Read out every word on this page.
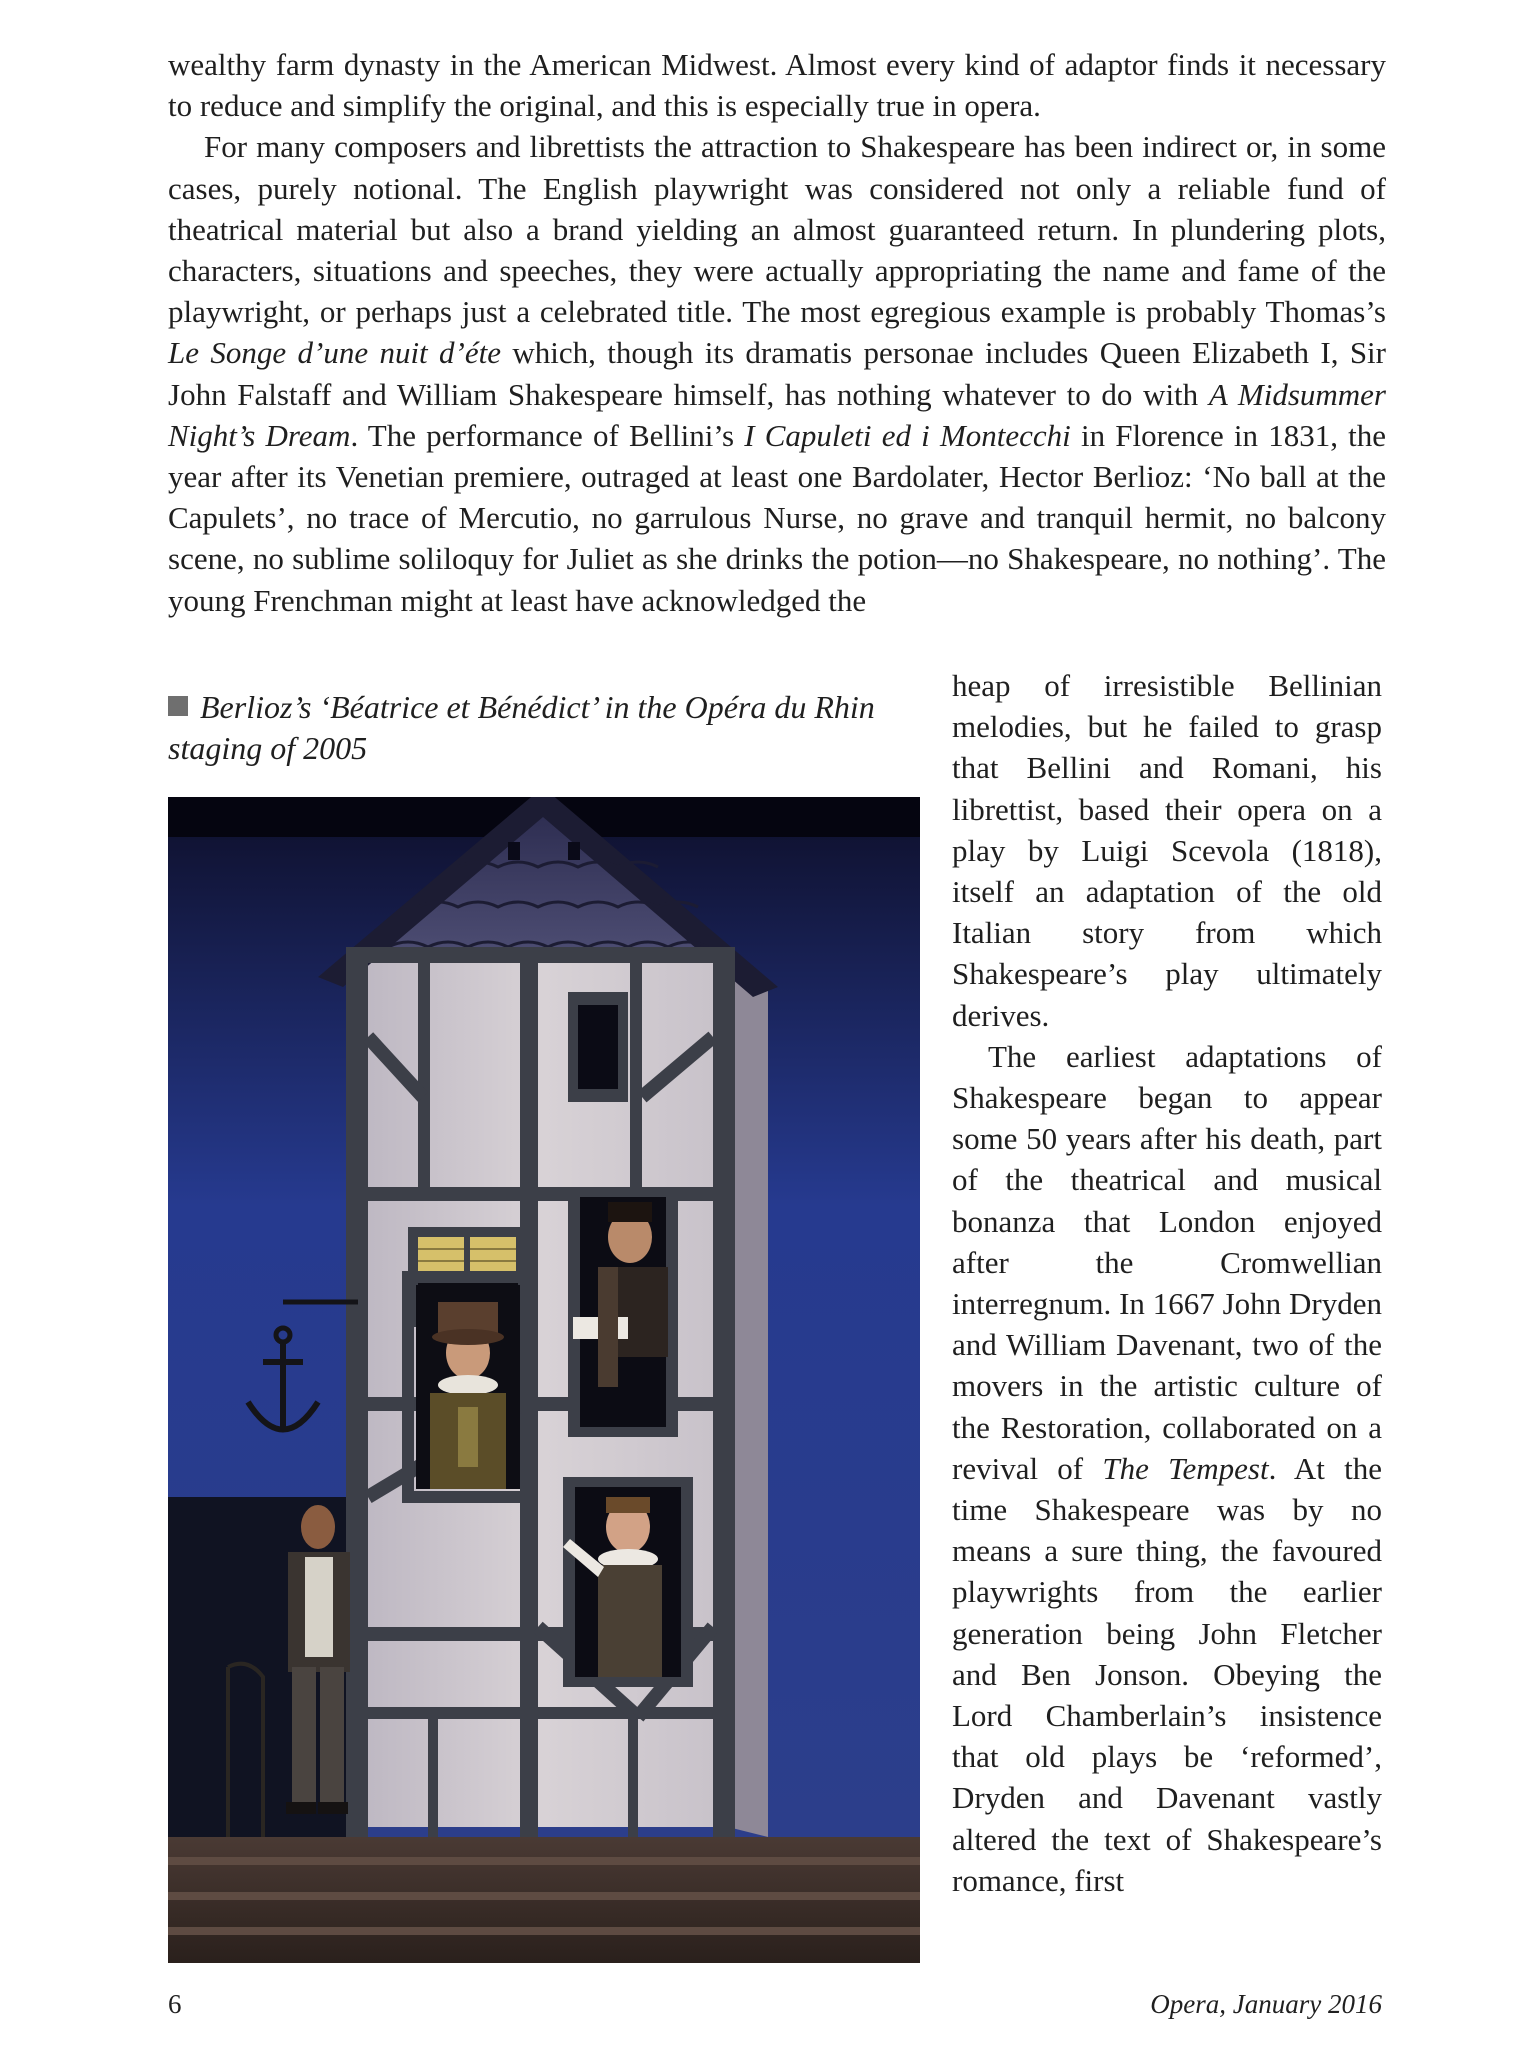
wealthy farm dynasty in the American Midwest. Almost every kind of adaptor finds it necessary to reduce and simplify the original, and this is especially true in opera.

For many composers and librettists the attraction to Shakespeare has been indirect or, in some cases, purely notional. The English playwright was considered not only a reliable fund of theatrical material but also a brand yielding an almost guaranteed return. In plundering plots, characters, situations and speeches, they were actually appropriating the name and fame of the playwright, or perhaps just a celebrated title. The most egregious example is probably Thomas’s Le Songe d’une nuit d’éte which, though its dramatis personae includes Queen Elizabeth I, Sir John Falstaff and William Shakespeare himself, has nothing whatever to do with A Midsummer Night’s Dream. The performance of Bellini’s I Capuleti ed i Montecchi in Florence in 1831, the year after its Venetian premiere, outraged at least one Bardolater, Hector Berlioz: ‘No ball at the Capulets’, no trace of Mercutio, no garrulous Nurse, no grave and tranquil hermit, no balcony scene, no sublime soliloquy for Juliet as she drinks the potion—no Shakespeare, no nothing’. The young Frenchman might at least have acknowledged the

Berlioz’s ‘Béatrice et Bénédict’ in the Opéra du Rhin staging of 2005

heap of irresistible Bellinian melodies, but he failed to grasp that Bellini and Romani, his librettist, based their opera on a play by Luigi Scevola (1818), itself an adaptation of the old Italian story from which Shakespeare’s play ultimately derives.

The earliest adaptations of Shakespeare began to appear some 50 years after his death, part of the theatrical and musical bonanza that London enjoyed after the Cromwellian interregnum. In 1667 John Dryden and William Davenant, two of the movers in the artistic culture of the Restoration, collaborated on a revival of The Tempest. At the time Shakespeare was by no means a sure thing, the favoured playwrights from the earlier generation being John Fletcher and Ben Jonson. Obeying the Lord Chamberlain’s insistence that old plays be ‘reformed’, Dryden and Davenant vastly altered the text of Shakespeare’s romance, first

6	Opera, January 2016
